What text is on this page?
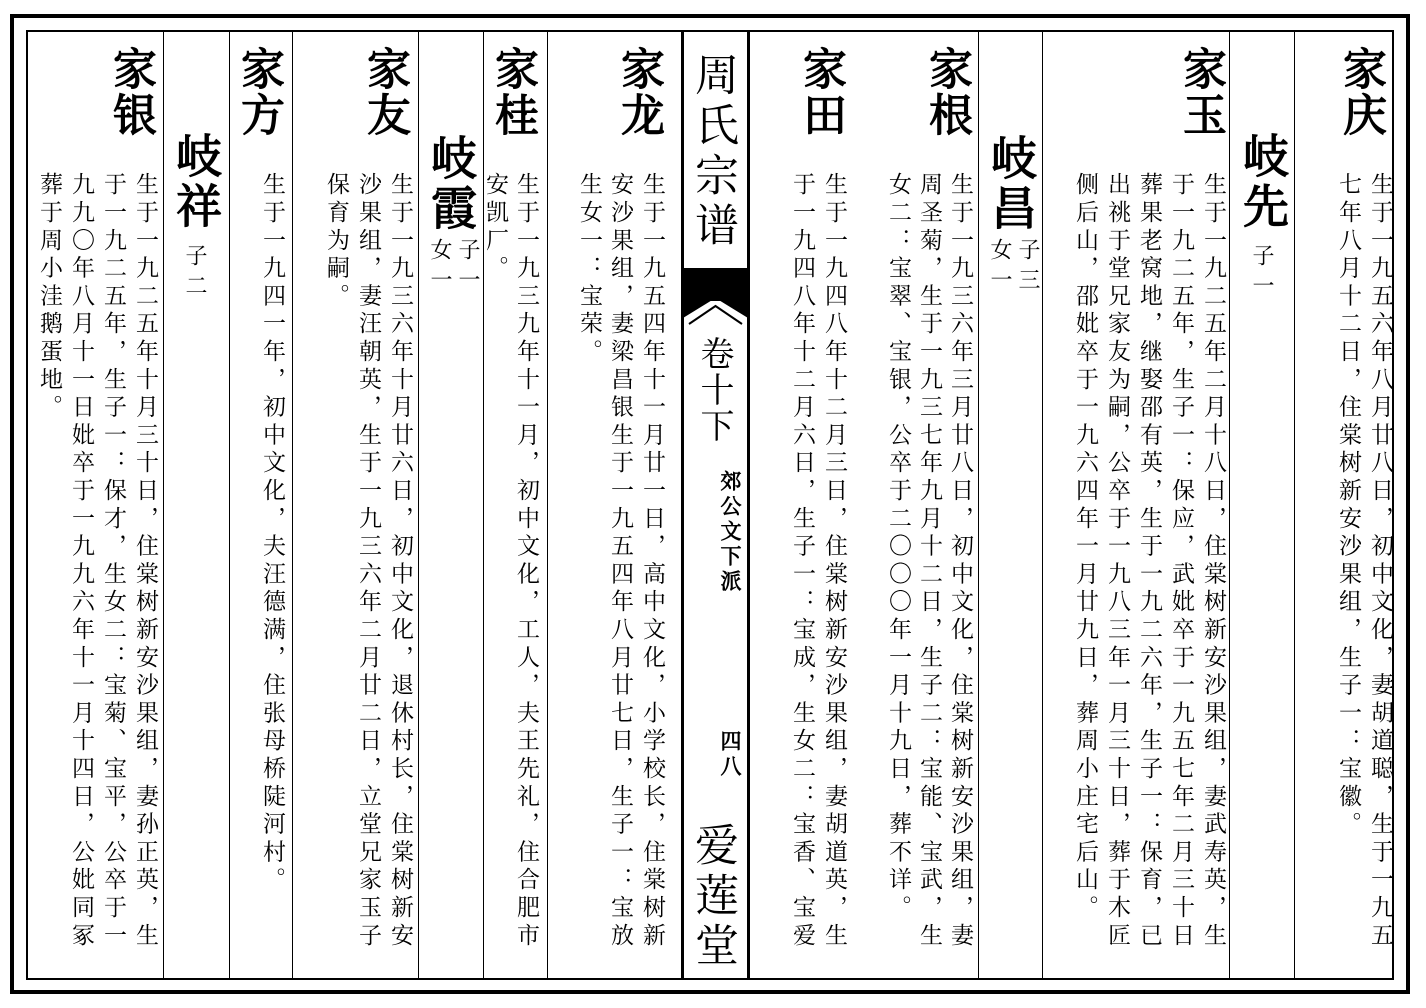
周氏宗谱
卷十下
郊公文下派
四八
爱莲堂
家庆
生于一九五六年八月廿八日，初中文化，妻胡道聪，生于一九五
七年八月十二日，住棠树新安沙果组，生子一：宝徽。
岐先
子一
家玉
生于一九二五年二月十八日，住棠树新安沙果组，妻武寿英，生
于一九二五年，生子一：保应，武妣卒于一九五七年二月三十日
葬果老窝地，继娶邵有英，生于一九二六年，生子一：保育，已
出祧于堂兄家友为嗣，公卒于一九八三年一月三十日，葬于木匠
侧后山，邵妣卒于一九六四年一月廿九日，葬周小庄宅后山。
岐昌
子三
女一
家根
生于一九三六年三月廿八日，初中文化，住棠树新安沙果组，妻
周圣菊，生于一九三七年九月十二日，生子二：宝能、宝武，生
女二：宝翠、宝银，公卒于二〇〇〇年一月十九日，葬不详。
家田
生于一九四八年十二月三日，住棠树新安沙果组，妻胡道英，生
于一九四八年十二月六日，生子一：宝成，生女二：宝香、宝爱
家龙
生于一九五四年十一月廿一日，高中文化，小学校长，住棠树新
安沙果组，妻梁昌银生于一九五四年八月廿七日，生子一：宝放
生女一：宝荣。
家桂
生于一九三九年十一月，初中文化，工人，夫王先礼，住合肥市
安凯厂。
岐霞
子一
女一
家友
生于一九三六年十月廿六日，初中文化，退休村长，住棠树新安
沙果组，妻汪朝英，生于一九三六年二月廿二日，立堂兄家玉子
保育为嗣。
家方
生于一九四一年，初中文化，夫汪德满，住张母桥陡河村。
岐祥
子二
家银
生于一九二五年十月三十日，住棠树新安沙果组，妻孙正英，生
于一九二五年，生子一：保才，生女二：宝菊、宝平，公卒于一
九九〇年八月十一日妣卒于一九九六年十一月十四日，公妣同冢
葬于周小洼鹅蛋地。
